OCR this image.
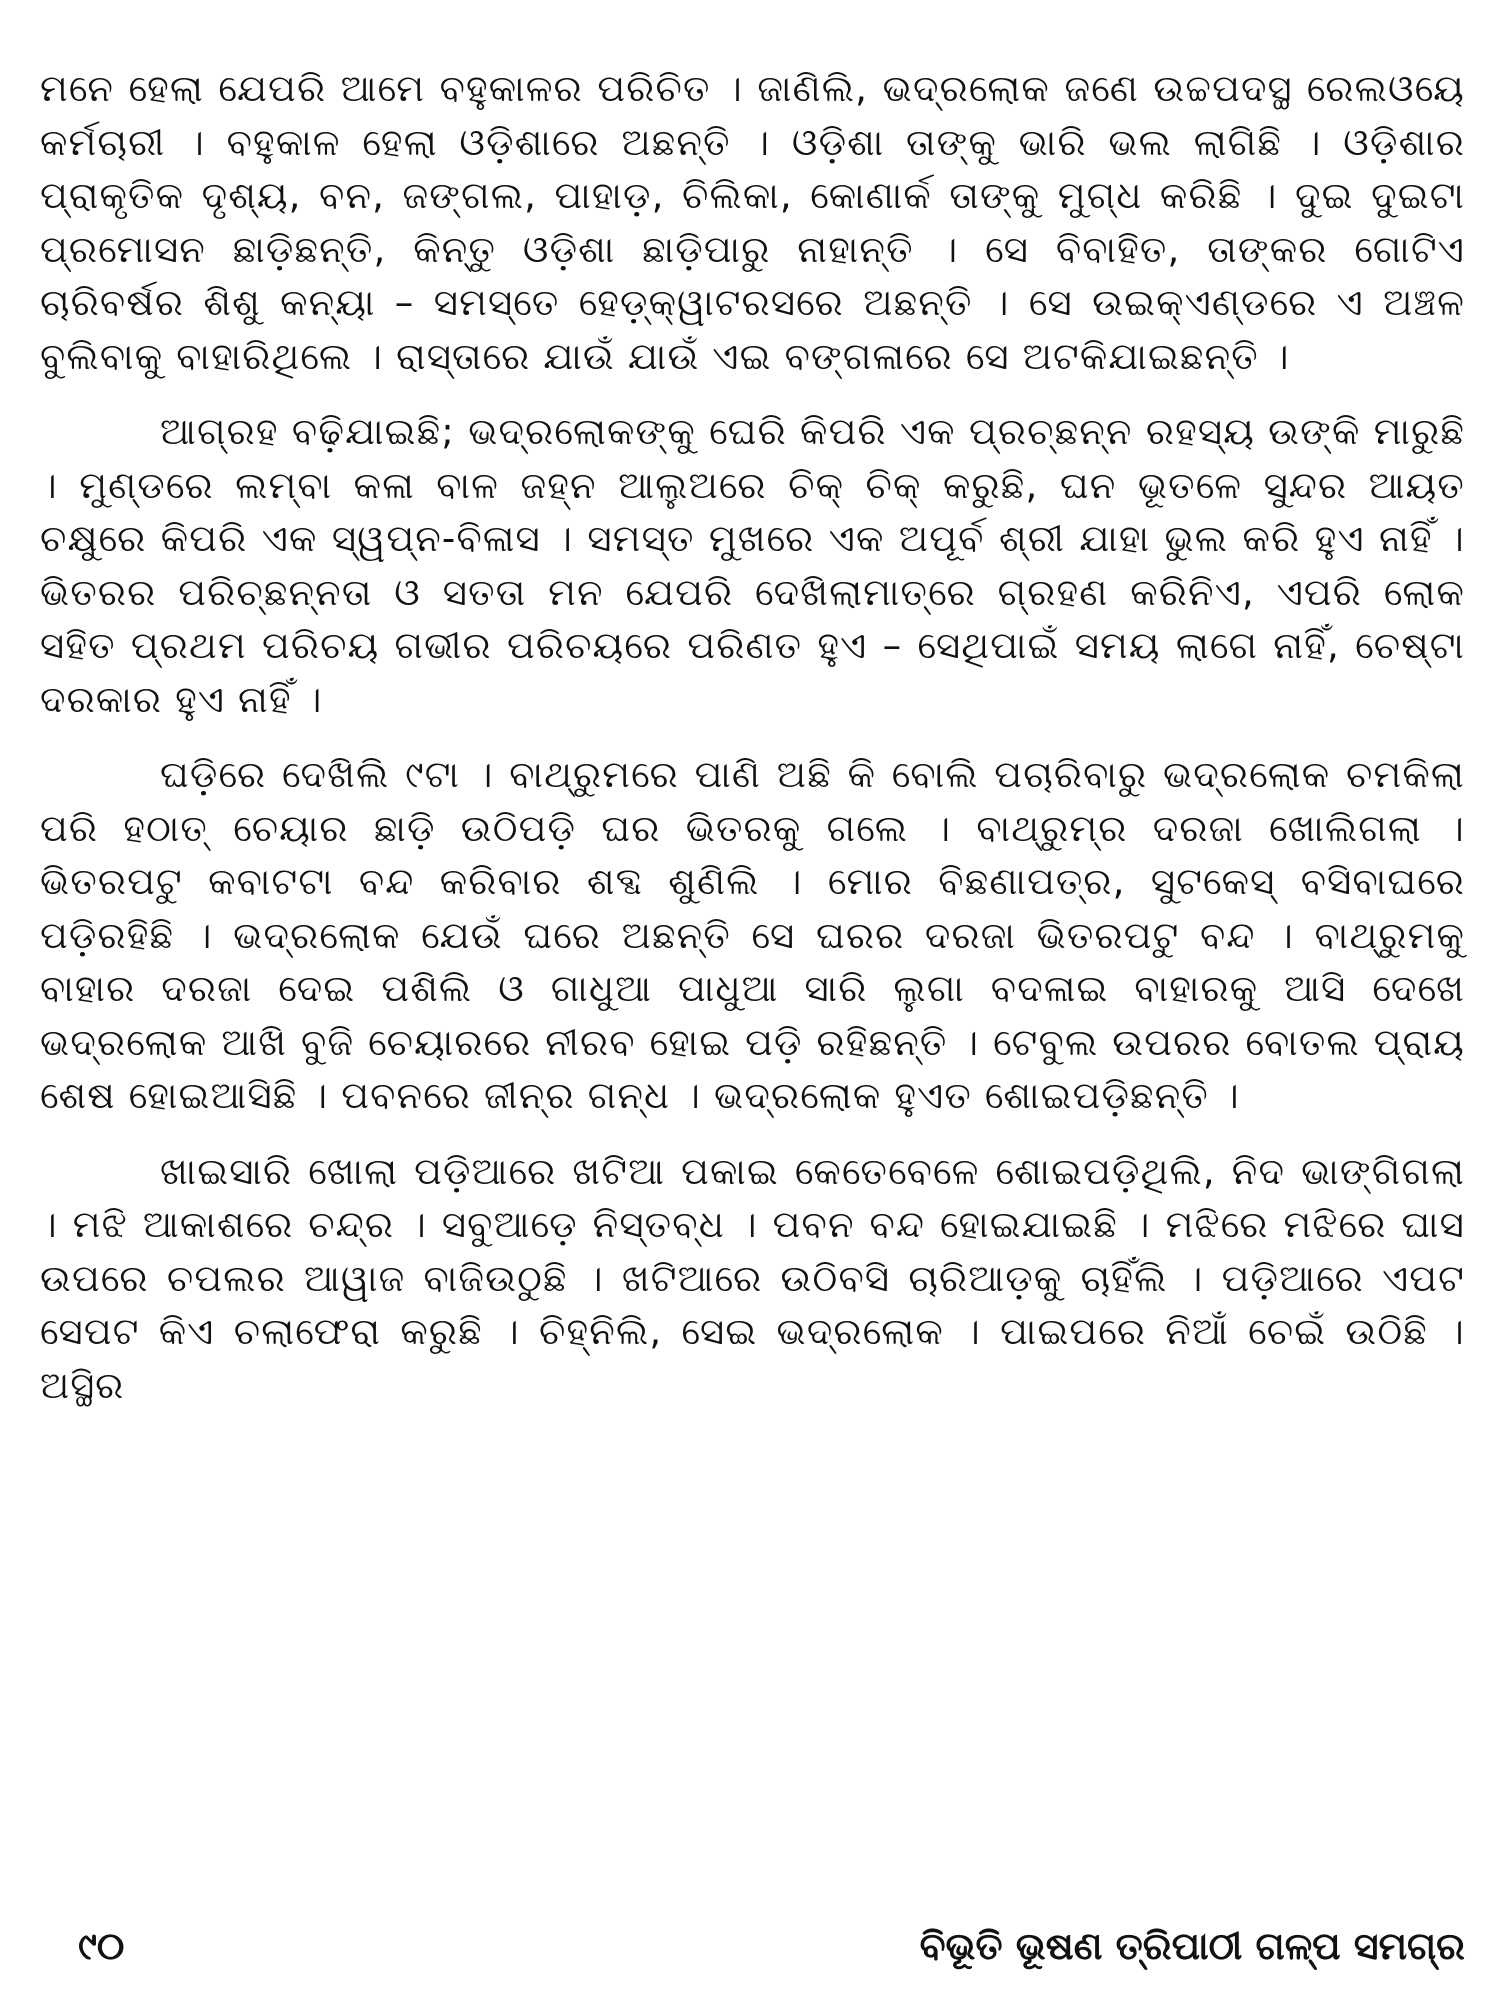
ମନେ ହେଲା ଯେପରି ଆମେ ବହୁକାଳର ପରିଚିତ । ଜାଣିଲି, ଭଦ୍ରଲୋକ ଜଣେ ଉଚ୍ଚପଦସ୍ଥ ରେଲଓୟେ କର୍ମଚାରୀ । ବହୁକାଳ ହେଲା ଓଡ଼ିଶାରେ ଅଛନ୍ତି । ଓଡ଼ିଶା ତାଙ୍କୁ ଭାରି ଭଲ ଲାଗିଛି । ଓଡ଼ିଶାର ପ୍ରାକୃତିକ ଦୃଶ୍ୟ, ବନ, ଜଙ୍ଗଲ, ପାହାଡ଼, ଚିଲିକା, କୋଣାର୍କ ତାଙ୍କୁ ମୁଗ୍ଧ କରିଛି । ଦୁଇ ଦୁଇଟା ପ୍ରମୋସନ ଛାଡ଼ିଛନ୍ତି, କିନ୍ତୁ ଓଡ଼ିଶା ଛାଡ଼ିପାରୁ ନାହାନ୍ତି । ସେ ବିବାହିତ, ତାଙ୍କର ଗୋଟିଏ ଚାରିବର୍ଷର ଶିଶୁ କନ୍ୟା – ସମସ୍ତେ ହେଡ଼୍‌କ୍ୱାଟରସରେ ଅଛନ୍ତି । ସେ ଉଇକ୍‌ଏଣ୍ଡରେ ଏ ଅଞ୍ଚଳ ବୁଲିବାକୁ ବାହାରିଥିଲେ । ରାସ୍ତାରେ ଯାଉଁ ଯାଉଁ ଏଇ ବଙ୍ଗଳାରେ ସେ ଅଟକିଯାଇଛନ୍ତି ।

ଆଗ୍ରହ ବଢ଼ିଯାଇଛି; ଭଦ୍ରଲୋକଙ୍କୁ ଘେରି କିପରି ଏକ ପ୍ରଚ୍ଛନ୍ନ ରହସ୍ୟ ଉଙ୍କି ମାରୁଛି । ମୁଣ୍ଡରେ ଲମ୍ବା କଳା ବାଳ ଜହ୍ନ ଆଲୁଅରେ ଚିକ୍ ଚିକ୍ କରୁଛି, ଘନ ଭୂତଳେ ସୁନ୍ଦର ଆୟତ ଚକ୍ଷୁରେ କିପରି ଏକ ସ୍ୱପ୍ନ-ବିଳାସ । ସମସ୍ତ ମୁଖରେ ଏକ ଅପୂର୍ବ ଶ୍ରୀ ଯାହା ଭୁଲ କରି ହୁଏ ନାହିଁ । ଭିତରର ପରିଚ୍ଛନ୍ନତା ଓ ସତତା ମନ ଯେପରି ଦେଖିଲାମାତ୍ରେ ଗ୍ରହଣ କରିନିଏ, ଏପରି ଲୋକ ସହିତ ପ୍ରଥମ ପରିଚୟ ଗଭୀର ପରିଚୟରେ ପରିଣତ ହୁଏ – ସେଥିପାଇଁ ସମୟ ଲାଗେ ନାହିଁ, ଚେଷ୍ଟା ଦରକାର ହୁଏ ନାହିଁ ।

ଘଡ଼ିରେ ଦେଖିଲି ୯ଟା । ବାଥ୍‌ରୁମରେ ପାଣି ଅଛି କି ବୋଲି ପଚାରିବାରୁ ଭଦ୍ରଲୋକ ଚମକିଲା ପରି ହଠାତ୍ ଚେୟାର ଛାଡ଼ି ଉଠିପଡ଼ି ଘର ଭିତରକୁ ଗଲେ । ବାଥ୍‌ରୁମ୍‌ର ଦରଜା ଖୋଲିଗଲା । ଭିତରପଟୁ କବାଟଟା ବନ୍ଦ କରିବାର ଶବ୍ଦ ଶୁଣିଲି । ମୋର ବିଛଣାପତ୍ର, ସୁଟକେସ୍ ବସିବାଘରେ ପଡ଼ିରହିଛି । ଭଦ୍ରଲୋକ ଯେଉଁ ଘରେ ଅଛନ୍ତି ସେ ଘରର ଦରଜା ଭିତରପଟୁ ବନ୍ଦ । ବାଥ୍‌ରୁମକୁ ବାହାର ଦରଜା ଦେଇ ପଶିଲି ଓ ଗାଧୁଆ ପାଧୁଆ ସାରି ଲୁଗା ବଦଳାଇ ବାହାରକୁ ଆସି ଦେଖେ ଭଦ୍ରଲୋକ ଆଖି ବୁଜି ଚେୟାରରେ ନୀରବ ହୋଇ ପଡ଼ି ରହିଛନ୍ତି । ଟେବୁଲ ଉପରର ବୋତଲ ପ୍ରାୟ ଶେଷ ହୋଇଆସିଛି । ପବନରେ ଜୀନ୍‌ର ଗନ୍ଧ । ଭଦ୍ରଲୋକ ହୁଏତ ଶୋଇପଡ଼ିଛନ୍ତି ।

ଖାଇସାରି ଖୋଲା ପଡ଼ିଆରେ ଖଟିଆ ପକାଇ କେତେବେଳେ ଶୋଇପଡ଼ିଥିଲି, ନିଦ ଭାଙ୍ଗିଗଲା । ମଝି ଆକାଶରେ ଚନ୍ଦ୍ର । ସବୁଆଡ଼େ ନିସ୍ତବ୍ଧ । ପବନ ବନ୍ଦ ହୋଇଯାଇଛି । ମଝିରେ ମଝିରେ ଘାସ ଉପରେ ଚପଲର ଆୱାଜ ବାଜିଉଠୁଛି । ଖଟିଆରେ ଉଠିବସି ଚାରିଆଡ଼କୁ ଚାହିଁଲି । ପଡ଼ିଆରେ ଏପଟ ସେପଟ କିଏ ଚଲାଫେରା କରୁଛି । ଚିହ୍ନିଲି, ସେଇ ଭଦ୍ରଲୋକ । ପାଇପରେ ନିଆଁ ଚେଇଁ ଉଠିଛି । ଅସ୍ଥିର

୯୦	ବିଭୂତି ଭୂଷଣ ତ୍ରିପାଠୀ ଗଳ୍ପ ସମଗ୍ର
